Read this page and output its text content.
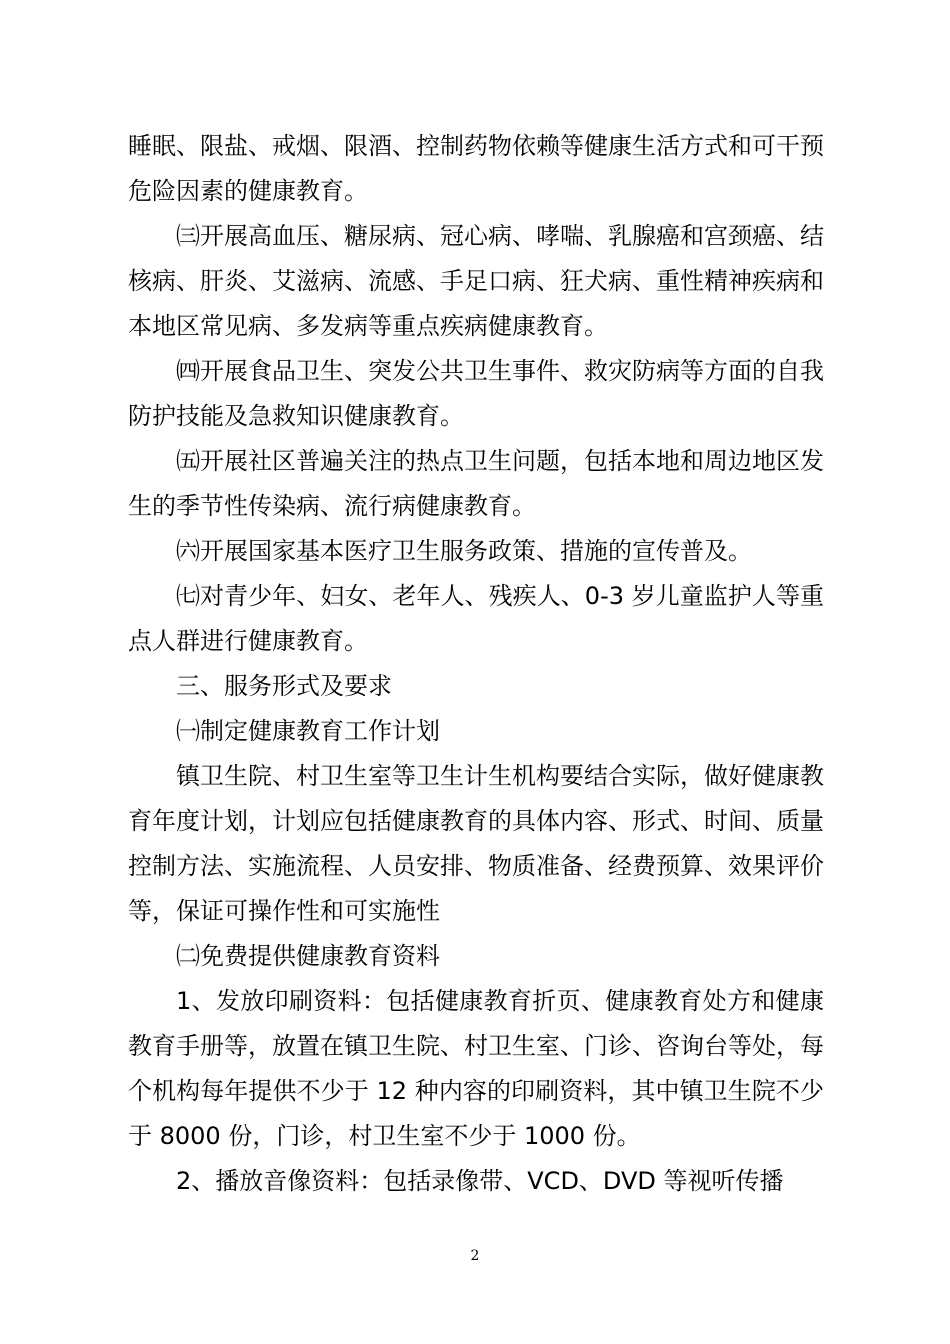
睡眠、限盐、戒烟、限酒、控制药物依赖等健康生活方式和可干预危险因素的健康教育。

㈢开展高血压、糖尿病、冠心病、哮喘、乳腺癌和宫颈癌、结核病、肝炎、艾滋病、流感、手足口病、狂犬病、重性精神疾病和本地区常见病、多发病等重点疾病健康教育。

㈣开展食品卫生、突发公共卫生事件、救灾防病等方面的自我防护技能及急救知识健康教育。

㈤开展社区普遍关注的热点卫生问题，包括本地和周边地区发生的季节性传染病、流行病健康教育。

㈥开展国家基本医疗卫生服务政策、措施的宣传普及。

㈦对青少年、妇女、老年人、残疾人、0-3 岁儿童监护人等重点人群进行健康教育。

三、服务形式及要求

㈠制定健康教育工作计划

镇卫生院、村卫生室等卫生计生机构要结合实际，做好健康教育年度计划，计划应包括健康教育的具体内容、形式、时间、质量控制方法、实施流程、人员安排、物质准备、经费预算、效果评价等，保证可操作性和可实施性

㈡免费提供健康教育资料

1、发放印刷资料：包括健康教育折页、健康教育处方和健康教育手册等，放置在镇卫生院、村卫生室、门诊、咨询台等处，每个机构每年提供不少于 12 种内容的印刷资料，其中镇卫生院不少于 8000 份，门诊，村卫生室不少于 1000 份。

2、播放音像资料：包括录像带、VCD、DVD 等视听传播

2
